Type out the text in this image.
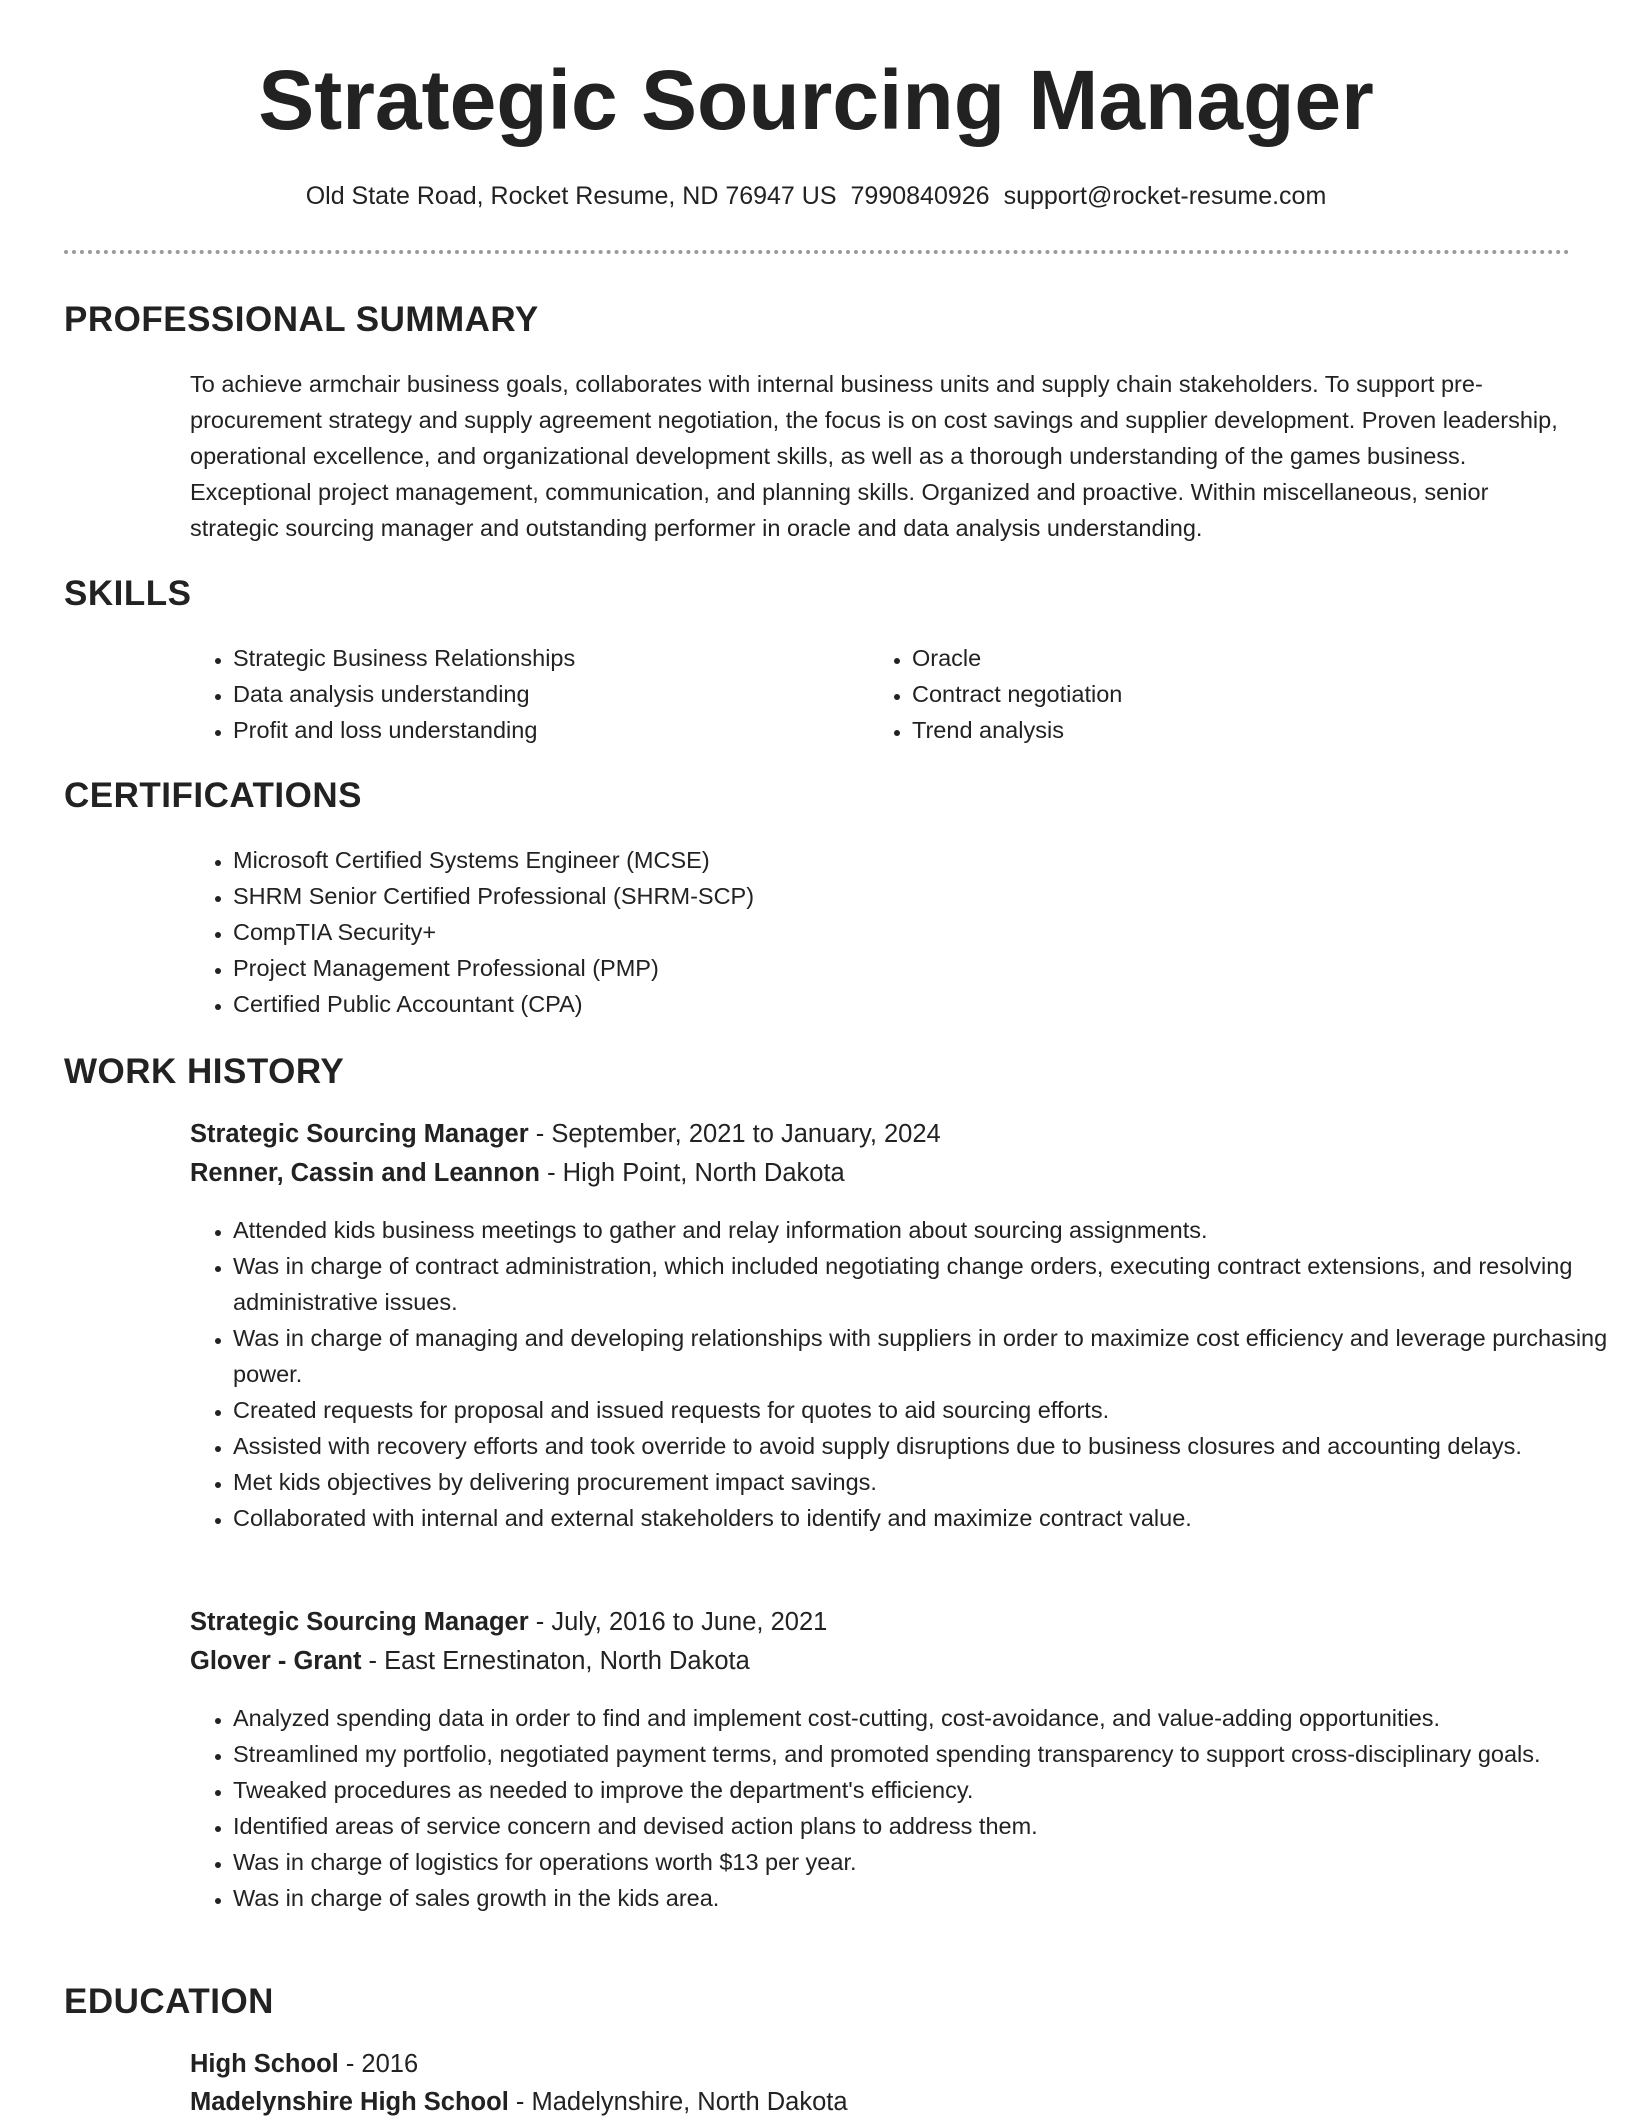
Strategic Sourcing Manager
Old State Road, Rocket Resume, ND 76947 US 7990840926 support@rocket-resume.com
PROFESSIONAL SUMMARY

To achieve armchair business goals, collaborates with internal business units and supply chain stakeholders. To support pre-procurement strategy and supply agreement negotiation, the focus is on cost savings and supplier development. Proven leadership, operational excellence, and organizational development skills, as well as a thorough understanding of the games business. Exceptional project management, communication, and planning skills. Organized and proactive. Within miscellaneous, senior strategic sourcing manager and outstanding performer in oracle and data analysis understanding.

SKILLS
• Strategic Business Relationships
• Data analysis understanding
• Profit and loss understanding
• Oracle
• Contract negotiation
• Trend analysis
CERTIFICATIONS
• Microsoft Certified Systems Engineer (MCSE)
• SHRM Senior Certified Professional (SHRM-SCP)
• CompTIA Security+
• Project Management Professional (PMP)
• Certified Public Accountant (CPA)
WORK HISTORY
Strategic Sourcing Manager - September, 2021 to January, 2024
Renner, Cassin and Leannon - High Point, North Dakota
• Attended kids business meetings to gather and relay information about sourcing assignments.
• Was in charge of contract administration, which included negotiating change orders, executing contract extensions, and resolving administrative issues.
• Was in charge of managing and developing relationships with suppliers in order to maximize cost efficiency and leverage purchasing power.
• Created requests for proposal and issued requests for quotes to aid sourcing efforts.
• Assisted with recovery efforts and took override to avoid supply disruptions due to business closures and accounting delays.
• Met kids objectives by delivering procurement impact savings.
• Collaborated with internal and external stakeholders to identify and maximize contract value.
Strategic Sourcing Manager - July, 2016 to June, 2021
Glover - Grant - East Ernestinaton, North Dakota
• Analyzed spending data in order to find and implement cost-cutting, cost-avoidance, and value-adding opportunities.
• Streamlined my portfolio, negotiated payment terms, and promoted spending transparency to support cross-disciplinary goals.
• Tweaked procedures as needed to improve the department's efficiency.
• Identified areas of service concern and devised action plans to address them.
• Was in charge of logistics for operations worth $13 per year.
• Was in charge of sales growth in the kids area.
EDUCATION
High School - 2016
Madelynshire High School - Madelynshire, North Dakota
